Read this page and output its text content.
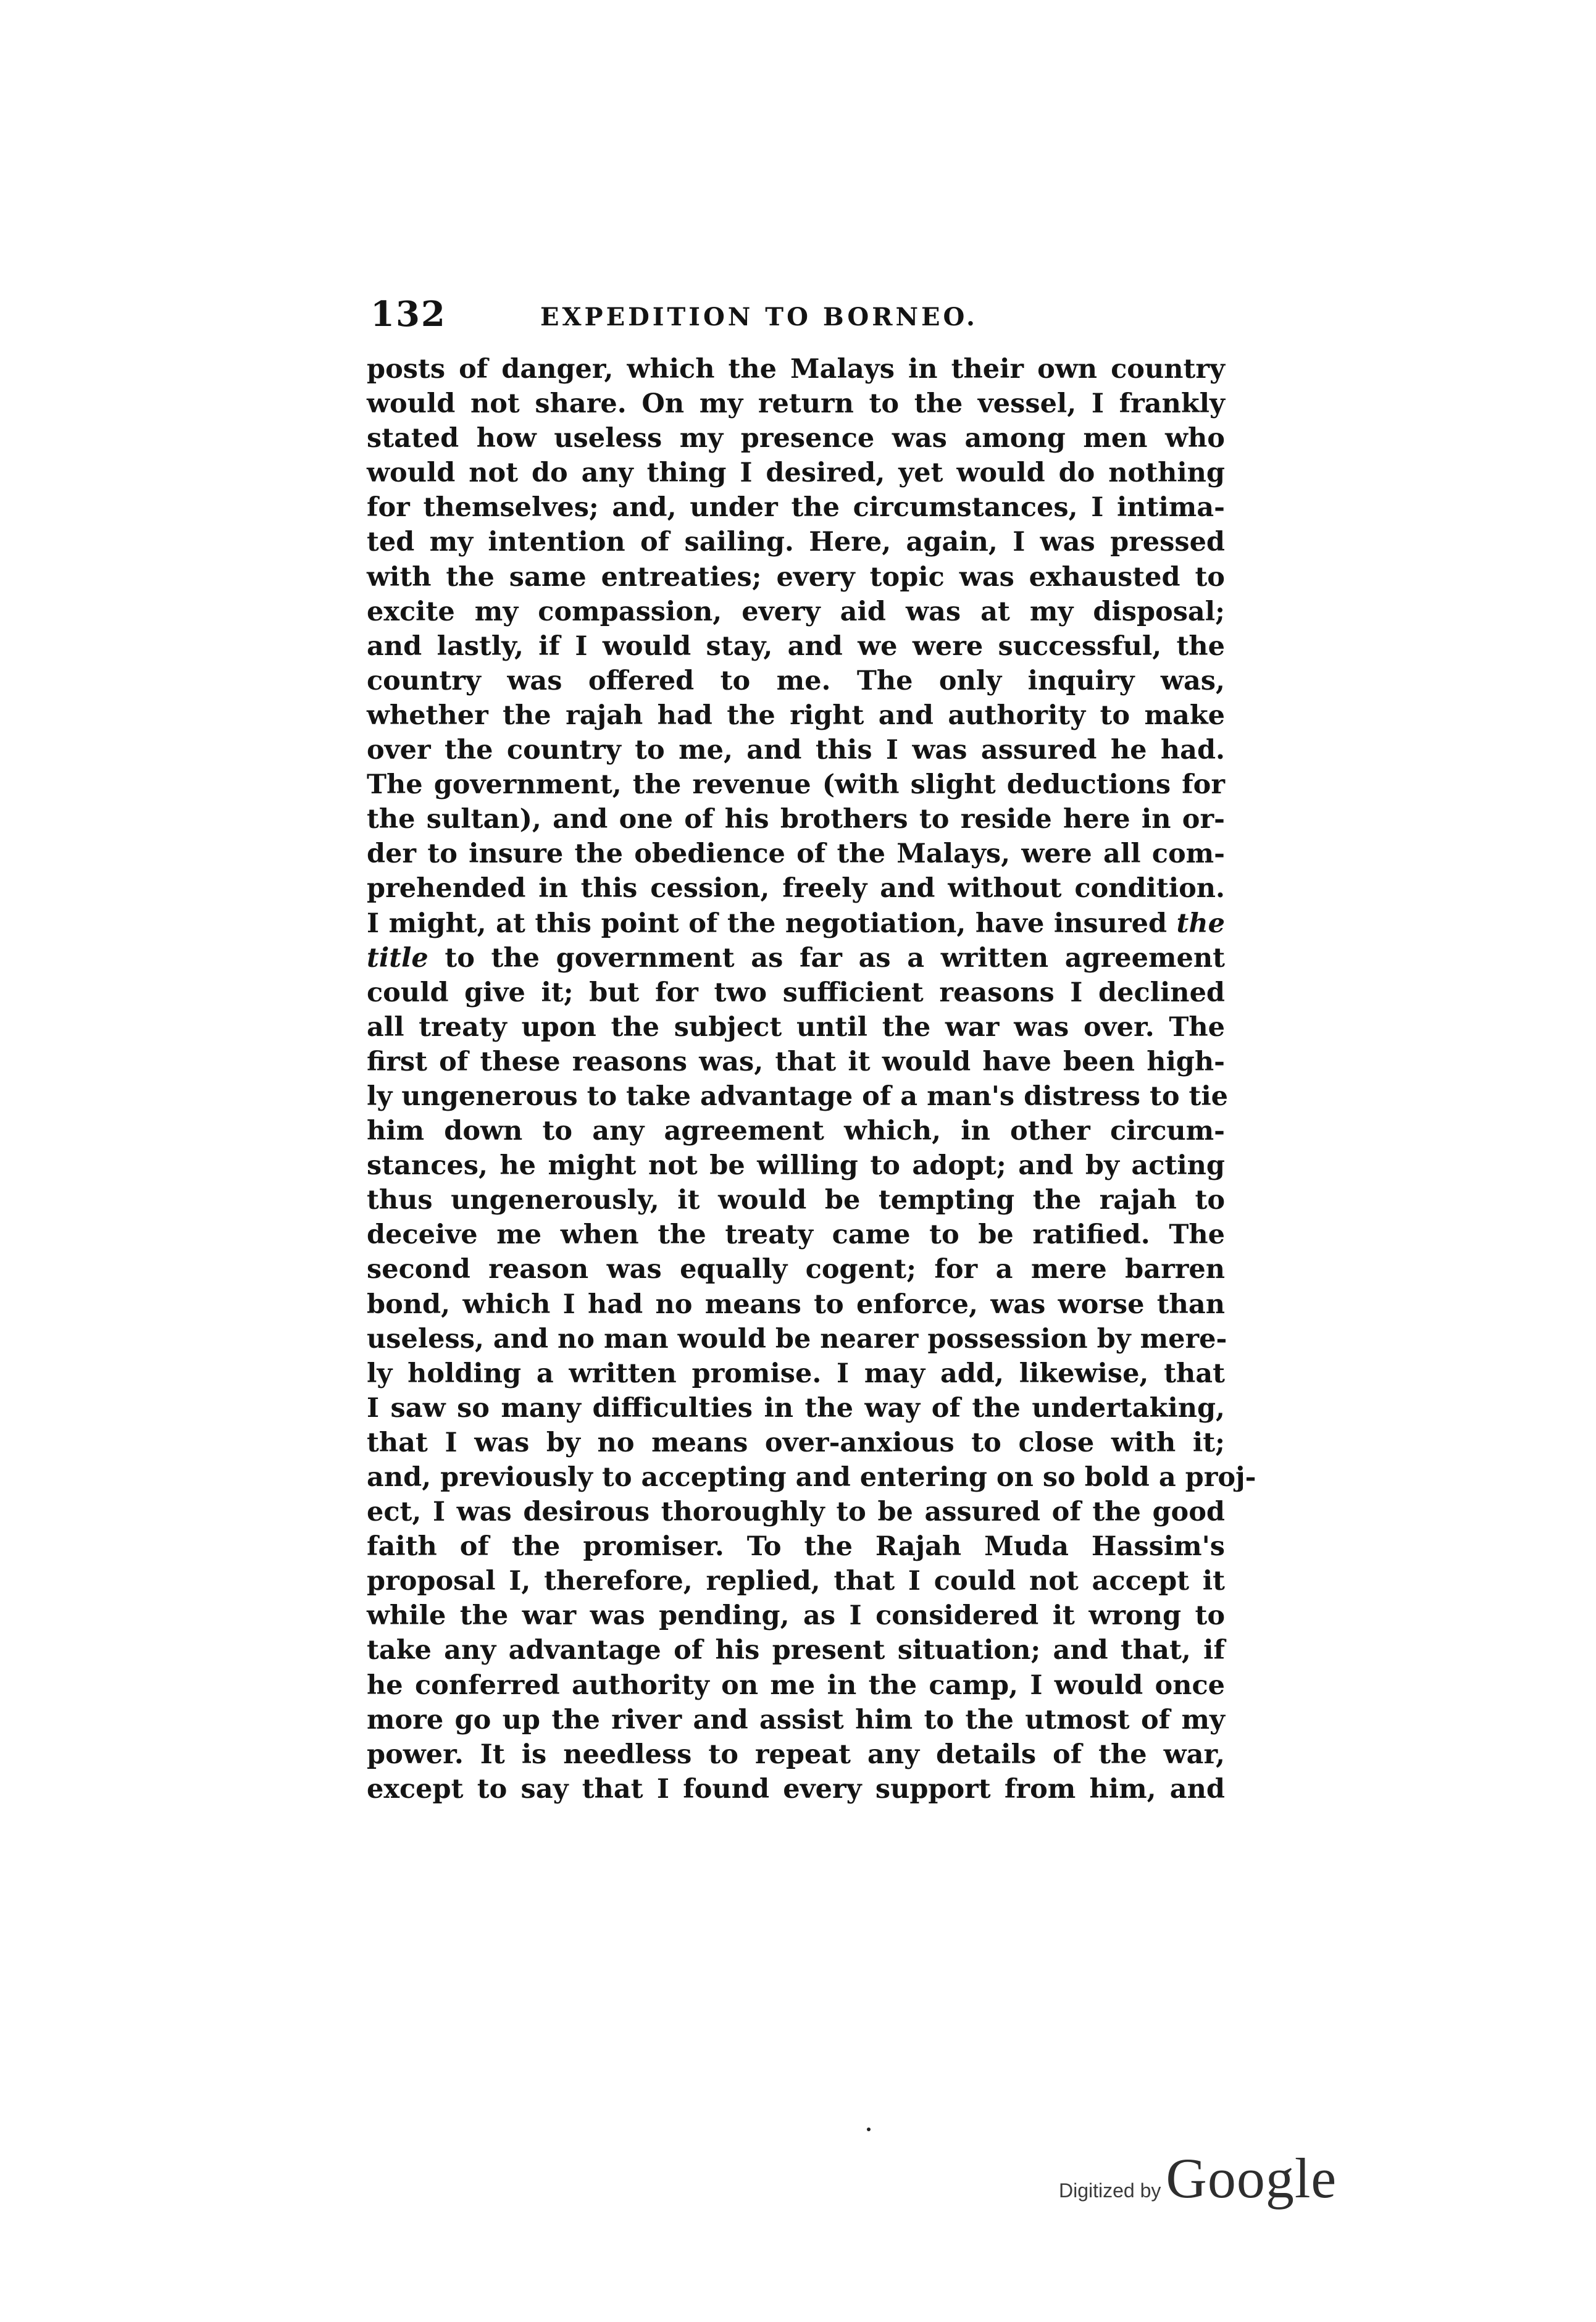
132	EXPEDITION TO BORNEO.
posts of danger, which the Malays in their own country
would not share. On my return to the vessel, I frankly
stated how useless my presence was among men who
would not do any thing I desired, yet would do nothing
for themselves; and, under the circumstances, I intima-
ted my intention of sailing. Here, again, I was pressed
with the same entreaties; every topic was exhausted to
excite my compassion, every aid was at my disposal;
and lastly, if I would stay, and we were successful, the
country was offered to me. The only inquiry was,
whether the rajah had the right and authority to make
over the country to me, and this I was assured he had.
The government, the revenue (with slight deductions for
the sultan), and one of his brothers to reside here in or-
der to insure the obedience of the Malays, were all com-
prehended in this cession, freely and without condition.
I might, at this point of the negotiation, have insured the
title to the government as far as a written agreement
could give it; but for two sufficient reasons I declined
all treaty upon the subject until the war was over. The
first of these reasons was, that it would have been high-
ly ungenerous to take advantage of a man's distress to tie
him down to any agreement which, in other circum-
stances, he might not be willing to adopt; and by acting
thus ungenerously, it would be tempting the rajah to
deceive me when the treaty came to be ratified. The
second reason was equally cogent; for a mere barren
bond, which I had no means to enforce, was worse than
useless, and no man would be nearer possession by mere-
ly holding a written promise. I may add, likewise, that
I saw so many difficulties in the way of the undertaking,
that I was by no means over-anxious to close with it;
and, previously to accepting and entering on so bold a proj-
ect, I was desirous thoroughly to be assured of the good
faith of the promiser. To the Rajah Muda Hassim's
proposal I, therefore, replied, that I could not accept it
while the war was pending, as I considered it wrong to
take any advantage of his present situation; and that, if
he conferred authority on me in the camp, I would once
more go up the river and assist him to the utmost of my
power. It is needless to repeat any details of the war,
except to say that I found every support from him, and
Digitized by Google
